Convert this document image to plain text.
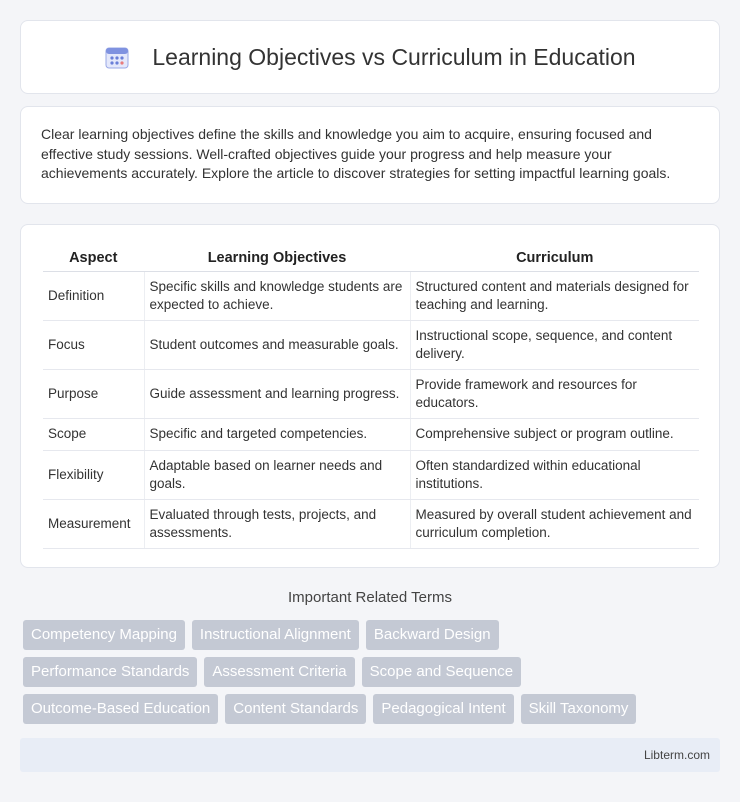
Learning Objectives vs Curriculum in Education

Clear learning objectives define the skills and knowledge you aim to acquire, ensuring focused and effective study sessions. Well-crafted objectives guide your progress and help measure your achievements accurately. Explore the article to discover strategies for setting impactful learning goals.

Aspect	Learning Objectives	Curriculum
Definition	Specific skills and knowledge students are expected to achieve.	Structured content and materials designed for teaching and learning.
Focus	Student outcomes and measurable goals.	Instructional scope, sequence, and content delivery.
Purpose	Guide assessment and learning progress.	Provide framework and resources for educators.
Scope	Specific and targeted competencies.	Comprehensive subject or program outline.
Flexibility	Adaptable based on learner needs and goals.	Often standardized within educational institutions.
Measurement	Evaluated through tests, projects, and assessments.	Measured by overall student achievement and curriculum completion.
Important Related Terms
Competency Mapping	Instructional Alignment	Backward Design
Performance Standards	Assessment Criteria	Scope and Sequence
Outcome-Based Education	Content Standards	Pedagogical Intent	Skill Taxonomy
Libterm.com
